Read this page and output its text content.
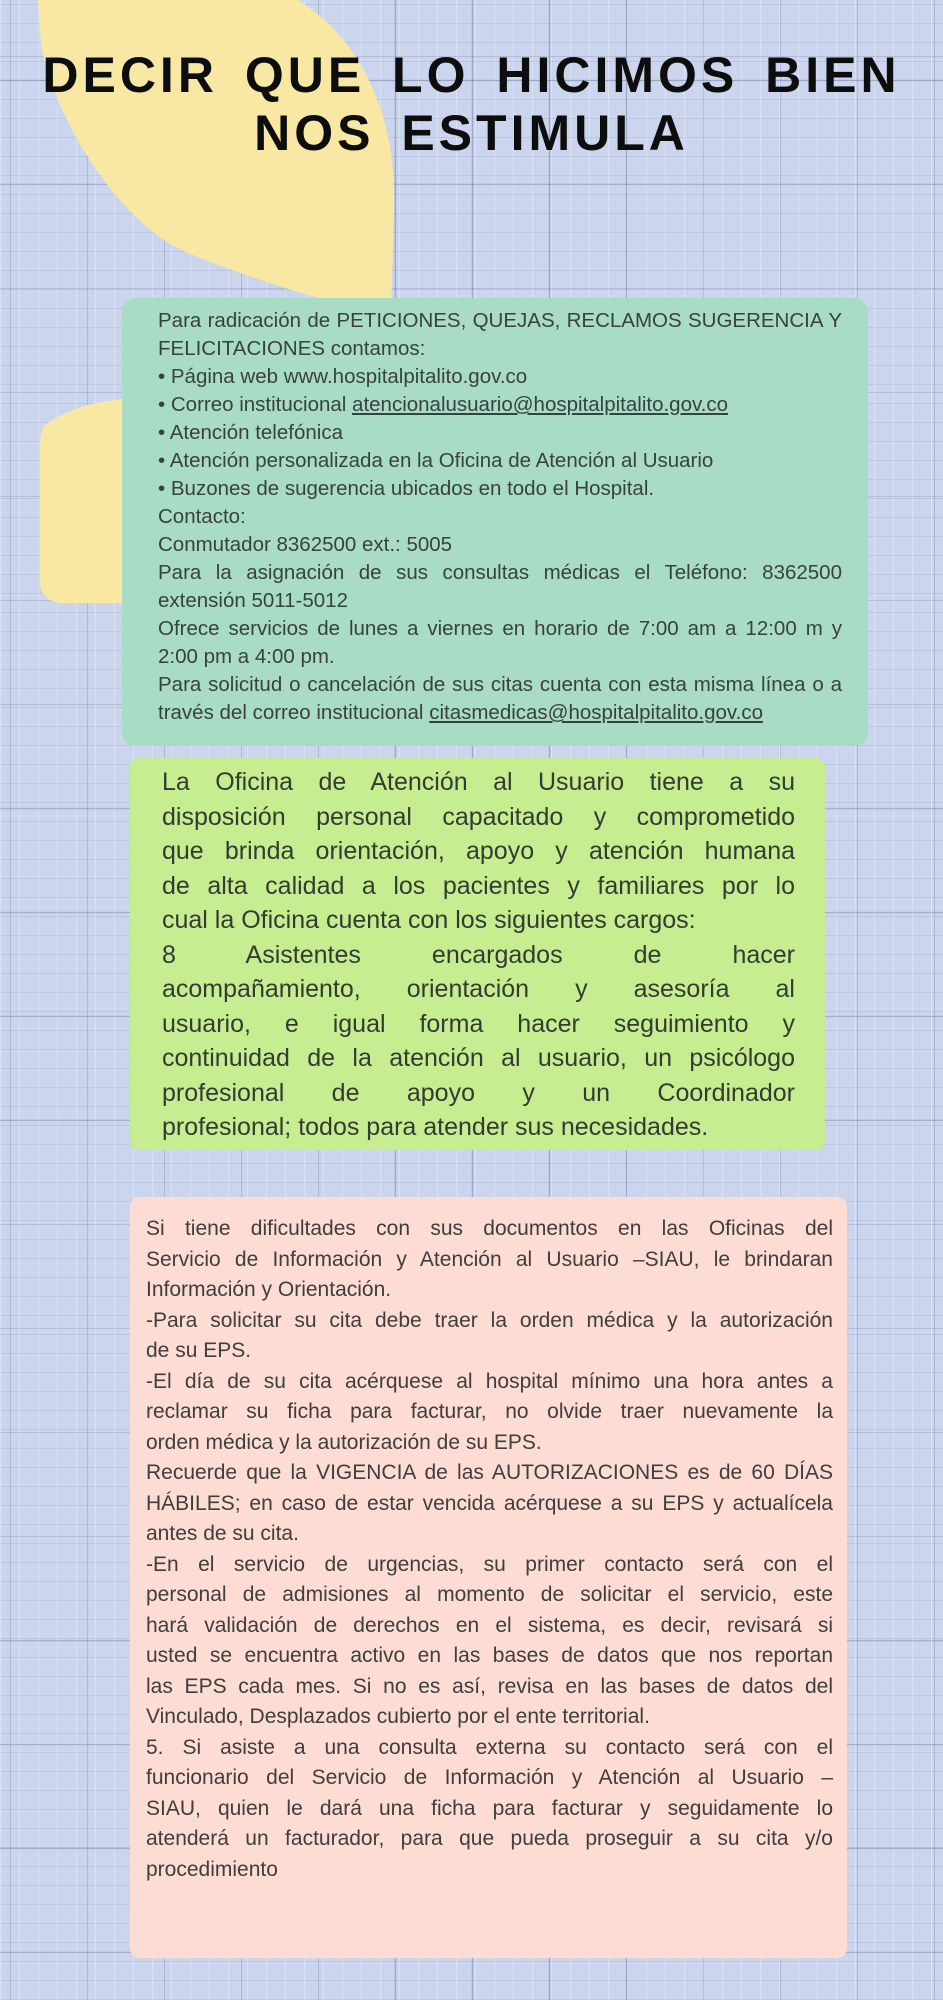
DECIR QUE LO HICIMOS BIEN
NOS ESTIMULA
Para radicación de PETICIONES, QUEJAS, RECLAMOS SUGERENCIA Y
FELICITACIONES contamos:
• Página web www.hospitalpitalito.gov.co
• Correo institucional atencionalusuario@hospitalpitalito.gov.co
• Atención telefónica
• Atención personalizada en la Oficina de Atención al Usuario
• Buzones de sugerencia ubicados en todo el Hospital.
Contacto:
Conmutador 8362500 ext.: 5005
Para la asignación de sus consultas médicas el Teléfono: 8362500
extensión 5011-5012
Ofrece servicios de lunes a viernes en horario de 7:00 am a 12:00 m y
2:00 pm a 4:00 pm.
Para solicitud o cancelación de sus citas cuenta con esta misma línea o a
través del correo institucional citasmedicas@hospitalpitalito.gov.co
La Oficina de Atención al Usuario tiene a su
disposición personal capacitado y comprometido
que brinda orientación, apoyo y atención humana
de alta calidad a los pacientes y familiares por lo
cual la Oficina cuenta con los siguientes cargos:
8 Asistentes encargados de hacer
acompañamiento, orientación y asesoría al
usuario, e igual forma hacer seguimiento y
continuidad de la atención al usuario, un psicólogo
profesional de apoyo y un Coordinador
profesional; todos para atender sus necesidades.
Si tiene dificultades con sus documentos en las Oficinas del
Servicio de Información y Atención al Usuario –SIAU, le brindaran
Información y Orientación.
-Para solicitar su cita debe traer la orden médica y la autorización
de su EPS.
-El día de su cita acérquese al hospital mínimo una hora antes a
reclamar su ficha para facturar, no olvide traer nuevamente la
orden médica y la autorización de su EPS.
Recuerde que la VIGENCIA de las AUTORIZACIONES es de 60 DÍAS
HÁBILES; en caso de estar vencida acérquese a su EPS y actualícela
antes de su cita.
-En el servicio de urgencias, su primer contacto será con el
personal de admisiones al momento de solicitar el servicio, este
hará validación de derechos en el sistema, es decir, revisará si
usted se encuentra activo en las bases de datos que nos reportan
las EPS cada mes. Si no es así, revisa en las bases de datos del
Vinculado, Desplazados cubierto por el ente territorial.
5. Si asiste a una consulta externa su contacto será con el
funcionario del Servicio de Información y Atención al Usuario –
SIAU, quien le dará una ficha para facturar y seguidamente lo
atenderá un facturador, para que pueda proseguir a su cita y/o
procedimiento
